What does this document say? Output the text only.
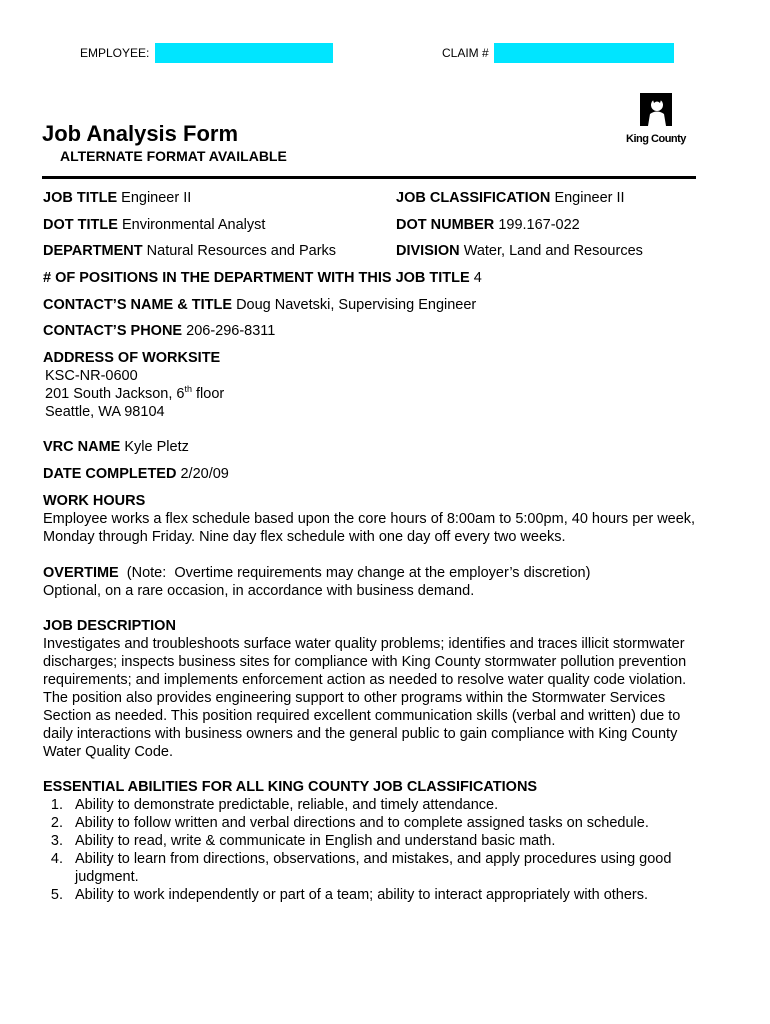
EMPLOYEE:	CLAIM #
King County
Job Analysis Form
ALTERNATE FORMAT AVAILABLE
JOB TITLE Engineer II	JOB CLASSIFICATION Engineer II
DOT TITLE Environmental Analyst	DOT NUMBER 199.167-022
DEPARTMENT Natural Resources and Parks	DIVISION Water, Land and Resources
# OF POSITIONS IN THE DEPARTMENT WITH THIS JOB TITLE 4
CONTACT’S NAME & TITLE Doug Navetski, Supervising Engineer
CONTACT’S PHONE 206-296-8311
ADDRESS OF WORKSITE
KSC-NR-0600
201 South Jackson, 6th floor
Seattle, WA 98104
VRC NAME Kyle Pletz
DATE COMPLETED 2/20/09
WORK HOURS
Employee works a flex schedule based upon the core hours of 8:00am to 5:00pm, 40 hours per week,
Monday through Friday. Nine day flex schedule with one day off every two weeks.
OVERTIME  (Note:  Overtime requirements may change at the employer’s discretion)
Optional, on a rare occasion, in accordance with business demand.
JOB DESCRIPTION
Investigates and troubleshoots surface water quality problems; identifies and traces illicit stormwater
discharges; inspects business sites for compliance with King County stormwater pollution prevention
requirements; and implements enforcement action as needed to resolve water quality code violation.
The position also provides engineering support to other programs within the Stormwater Services
Section as needed. This position required excellent communication skills (verbal and written) due to
daily interactions with business owners and the general public to gain compliance with King County
Water Quality Code.
ESSENTIAL ABILITIES FOR ALL KING COUNTY JOB CLASSIFICATIONS
1. Ability to demonstrate predictable, reliable, and timely attendance.
2. Ability to follow written and verbal directions and to complete assigned tasks on schedule.
3. Ability to read, write & communicate in English and understand basic math.
4. Ability to learn from directions, observations, and mistakes, and apply procedures using good
judgment.
5. Ability to work independently or part of a team; ability to interact appropriately with others.
